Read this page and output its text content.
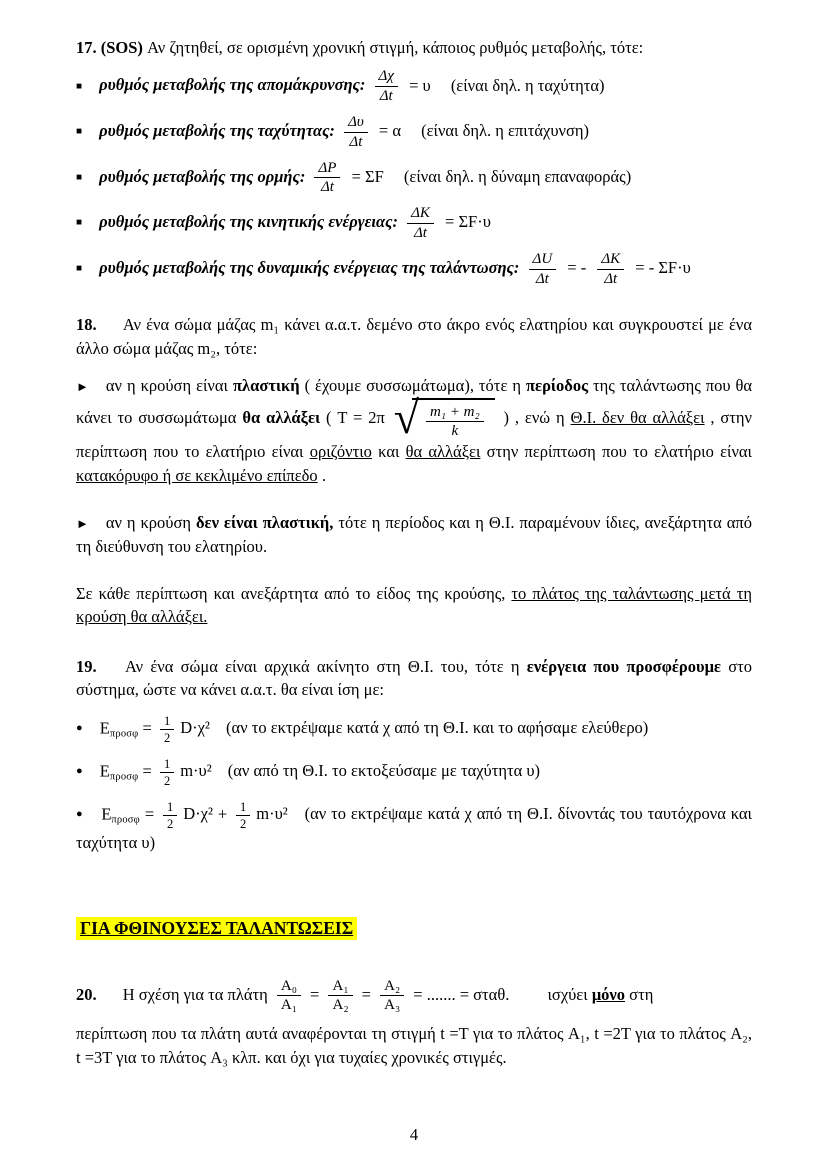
17. (SOS) Αν ζητηθεί, σε ορισμένη χρονική στιγμή, κάποιος ρυθμός μεταβολής, τότε:

■ ρυθμός μεταβολής της απομάκρυνσης: $\frac{\Delta\chi}{\Delta t} = \upsilon$ (είναι δηλ. η ταχύτητα)

■ ρυθμός μεταβολής της ταχύτητας: $\frac{\Delta\upsilon}{\Delta t} = \alpha$ (είναι δηλ. η επιτάχυνση)

■ ρυθμός μεταβολής της ορμής: $\frac{\Delta P}{\Delta t} = \Sigma F$ (είναι δηλ. η δύναμη επαναφοράς)

■ ρυθμός μεταβολής της κινητικής ενέργειας: $\frac{\Delta K}{\Delta t} = \Sigma F\cdot\upsilon$

■ ρυθμός μεταβολής της δυναμικής ενέργειας της ταλάντωσης: $\frac{\Delta U}{\Delta t}$ = - $\frac{\Delta K}{\Delta t}$ = - ΣF·υ

18. Αν ένα σώμα μάζας m₁ κάνει α.α.τ. δεμένο στο άκρο ενός ελατηρίου και συγκρουστεί με ένα άλλο σώμα μάζας m₂, τότε:

► αν η κρούση είναι πλαστική ( έχουμε συσσωμάτωμα), τότε η περίοδος της ταλάντωσης που θα κάνει το συσσωμάτωμα θα αλλάξει ( T = 2π √ $\frac{\text{m₁ + m₂}}{k}$ ) , ενώ η Θ.Ι. δεν θα αλλάξει , στην περίπτωση που το ελατήριο είναι οριζόντιο και θα αλλάξει στην περίπτωση που το ελατήριο είναι κατακόρυφο ή σε κεκλιμένο επίπεδο .

► αν η κρούση δεν είναι πλαστική, τότε η περίοδος και η Θ.Ι. παραμένουν ίδιες, ανεξάρτητα από τη διεύθυνση του ελατηρίου.

Σε κάθε περίπτωση και ανεξάρτητα από το είδος της κρούσης, το πλάτος της ταλάντωσης μετά τη κρούση θα αλλάξει.

19. Αν ένα σώμα είναι αρχικά ακίνητο στη Θ.Ι. του, τότε η ενέργεια που προσφέρουμε στο σύστημα, ώστε να κάνει α.α.τ. θα είναι ίση με:

● $E_{\pi\rho o\sigma\varphi} = \frac{1}{2} D\cdot\chi^2$ (αν το εκτρέψαμε κατά χ από τη Θ.Ι. και το αφήσαμε ελεύθερο)

● $E_{\pi\rho o\sigma\varphi} = \frac{1}{2} m\cdot\upsilon^2$ (αν από τη Θ.Ι. το εκτοξεύσαμε με ταχύτητα υ)

● $E_{\pi\rho o\sigma\varphi} = \frac{1}{2} D\cdot\chi^2 + \frac{1}{2} m\cdot\upsilon^2$ (αν το εκτρέψαμε κατά χ από τη Θ.Ι. δίνοντάς του ταυτόχρονα και ταχύτητα υ)

ΓΙΑ ΦΘΙΝΟΥΣΕΣ ΤΑΛΑΝΤΩΣΕΙΣ

20. Η σχέση για τα πλάτη $\frac{\text{A₀}}{\text{A₁}} = \frac{\text{A₁}}{\text{A₂}} = \frac{\text{A₂}}{\text{A₃}}$ = ....... = σταθ. ισχύει μόνο στη

περίπτωση που τα πλάτη αυτά αναφέρονται τη στιγμή t =T για το πλάτος A₁, t =2T για το πλάτος A₂, t =3T για το πλάτος A₃ κλπ. και όχι για τυχαίες χρονικές στιγμές.

4
